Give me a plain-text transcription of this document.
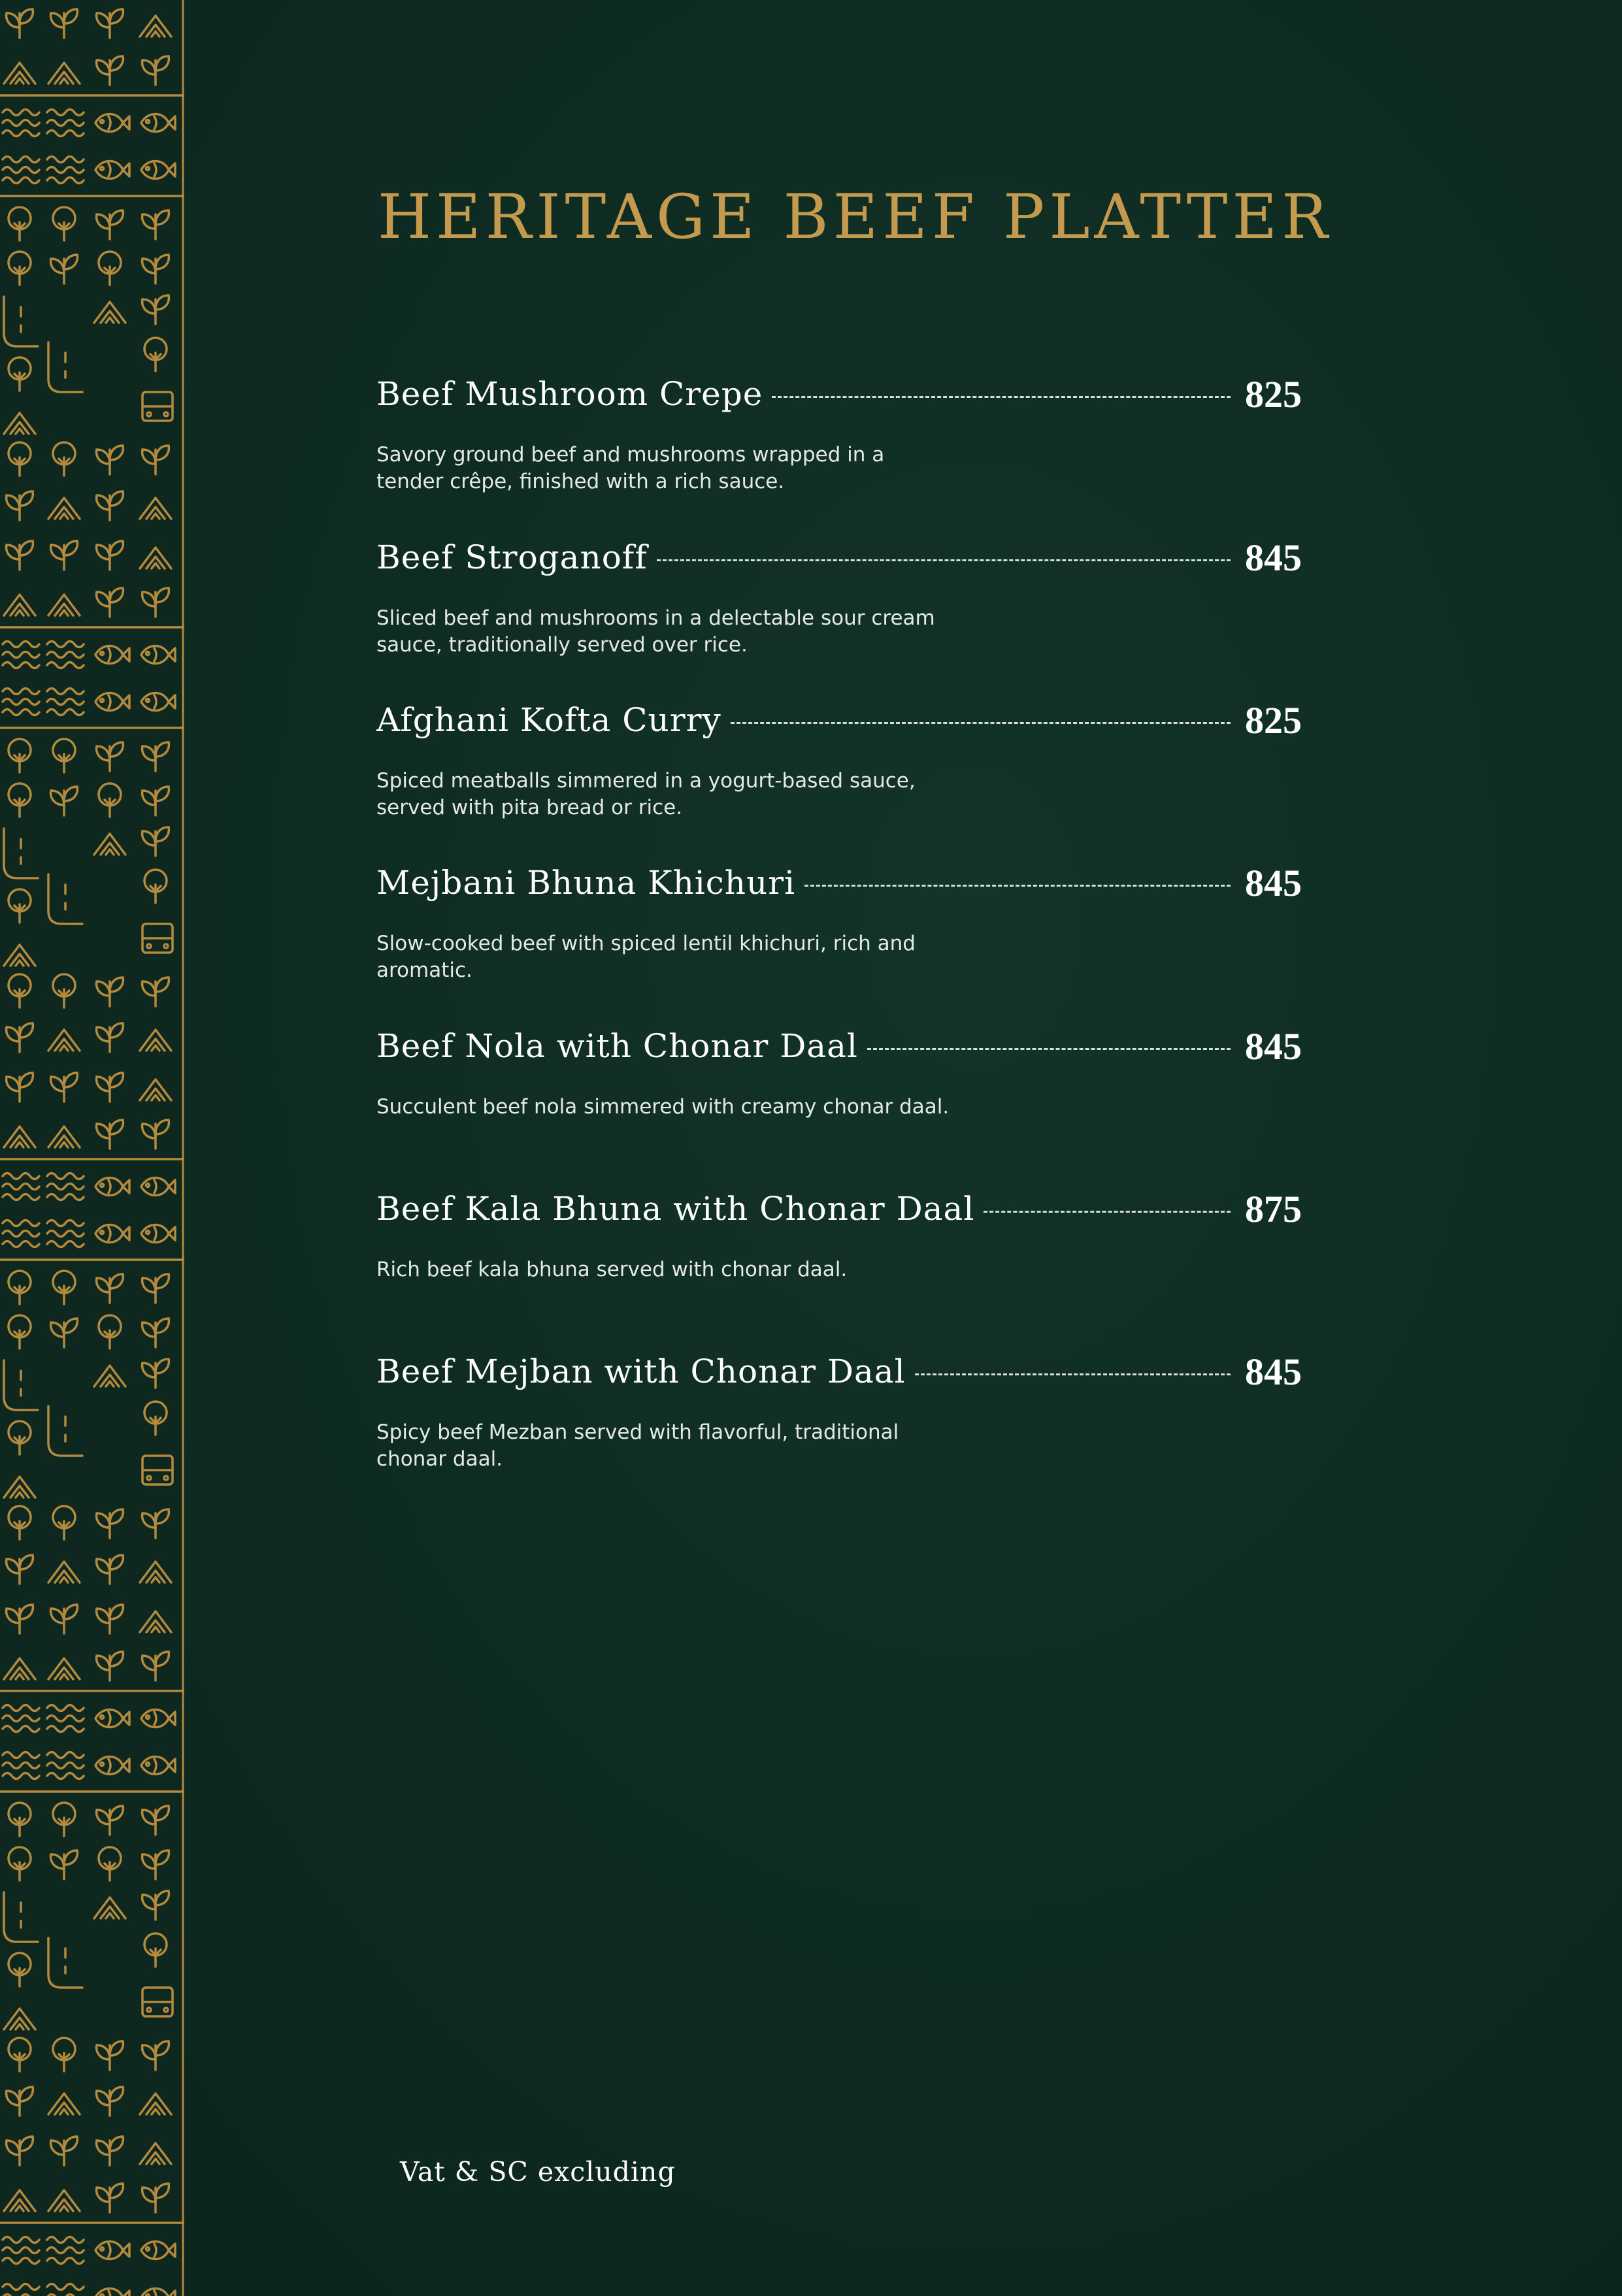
HERITAGE BEEF PLATTER
Beef Mushroom Crepe	825

Savory ground beef and mushrooms wrapped in a
tender crêpe, finished with a rich sauce.

Beef Stroganoff	845

Sliced beef and mushrooms in a delectable sour cream
sauce, traditionally served over rice.

Afghani Kofta Curry	825

Spiced meatballs simmered in a yogurt-based sauce,
served with pita bread or rice.

Mejbani Bhuna Khichuri	845

Slow-cooked beef with spiced lentil khichuri, rich and
aromatic.

Beef Nola with Chonar Daal	845

Succulent beef nola simmered with creamy chonar daal.

Beef Kala Bhuna with Chonar Daal	875

Rich beef kala bhuna served with chonar daal.

Beef Mejban with Chonar Daal	845

Spicy beef Mezban served with flavorful, traditional
chonar daal.

Vat & SC excluding
